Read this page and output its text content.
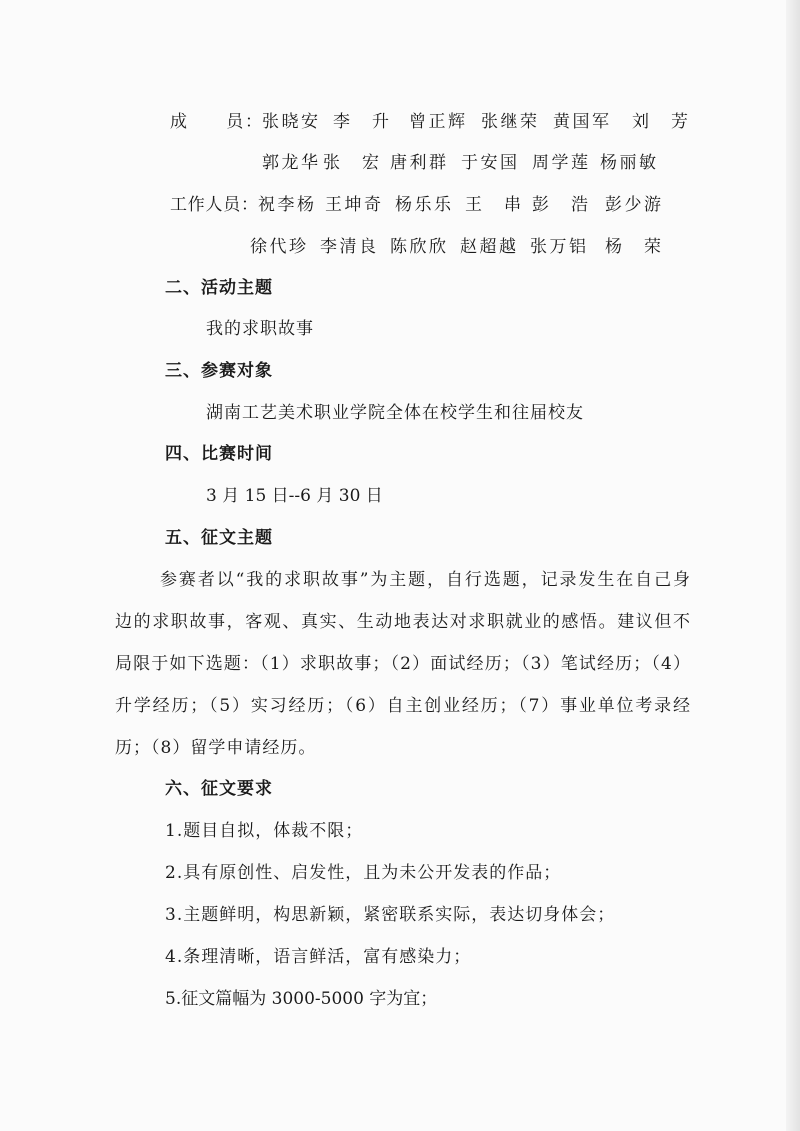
成　　员： 张晓安 李　升 曾正辉 张继荣 黄国军 刘　芳
郭龙华 张　宏 唐利群 于安国 周学莲 杨丽敏
工作人员： 祝李杨 王坤奇 杨乐乐 王　串 彭　浩 彭少游
徐代珍 李清良 陈欣欣 赵超越 张万铝 杨　荣
二、活动主题
我的求职故事
三、参赛对象
湖南工艺美术职业学院全体在校学生和往届校友
四、比赛时间
3 月 15 日--6 月 30 日
五、征文主题
参赛者以“我的求职故事”为主题，自行选题，记录发生在自己身
边的求职故事，客观、真实、生动地表达对求职就业的感悟。建议但不
局限于如下选题：（1）求职故事；（2）面试经历；（3）笔试经历；（4）
升学经历；（5）实习经历；（6）自主创业经历；（7）事业单位考录经
历；（8）留学申请经历。
六、征文要求
1.题目自拟，体裁不限；
2.具有原创性、启发性，且为未公开发表的作品；
3.主题鲜明，构思新颖，紧密联系实际，表达切身体会；
4.条理清晰，语言鲜活，富有感染力；
5.征文篇幅为 3000-5000 字为宜；
